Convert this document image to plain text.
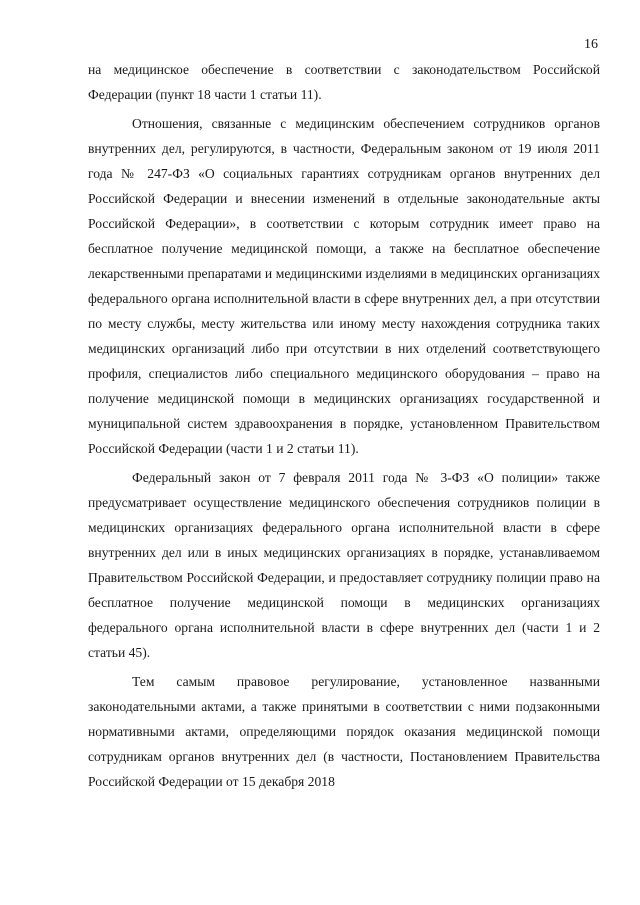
16

на медицинское обеспечение в соответствии с законодательством Российской Федерации (пункт 18 части 1 статьи 11).

Отношения, связанные с медицинским обеспечением сотрудников органов внутренних дел, регулируются, в частности, Федеральным законом от 19 июля 2011 года № 247-ФЗ «О социальных гарантиях сотрудникам органов внутренних дел Российской Федерации и внесении изменений в отдельные законодательные акты Российской Федерации», в соответствии с которым сотрудник имеет право на бесплатное получение медицинской помощи, а также на бесплатное обеспечение лекарственными препаратами и медицинскими изделиями в медицинских организациях федерального органа исполнительной власти в сфере внутренних дел, а при отсутствии по месту службы, месту жительства или иному месту нахождения сотрудника таких медицинских организаций либо при отсутствии в них отделений соответствующего профиля, специалистов либо специального медицинского оборудования – право на получение медицинской помощи в медицинских организациях государственной и муниципальной систем здравоохранения в порядке, установленном Правительством Российской Федерации (части 1 и 2 статьи 11).

Федеральный закон от 7 февраля 2011 года № 3-ФЗ «О полиции» также предусматривает осуществление медицинского обеспечения сотрудников полиции в медицинских организациях федерального органа исполнительной власти в сфере внутренних дел или в иных медицинских организациях в порядке, устанавливаемом Правительством Российской Федерации, и предоставляет сотруднику полиции право на бесплатное получение медицинской помощи в медицинских организациях федерального органа исполнительной власти в сфере внутренних дел (части 1 и 2 статьи 45).

Тем самым правовое регулирование, установленное названными законодательными актами, а также принятыми в соответствии с ними подзаконными нормативными актами, определяющими порядок оказания медицинской помощи сотрудникам органов внутренних дел (в частности, Постановлением Правительства Российской Федерации от 15 декабря 2018
